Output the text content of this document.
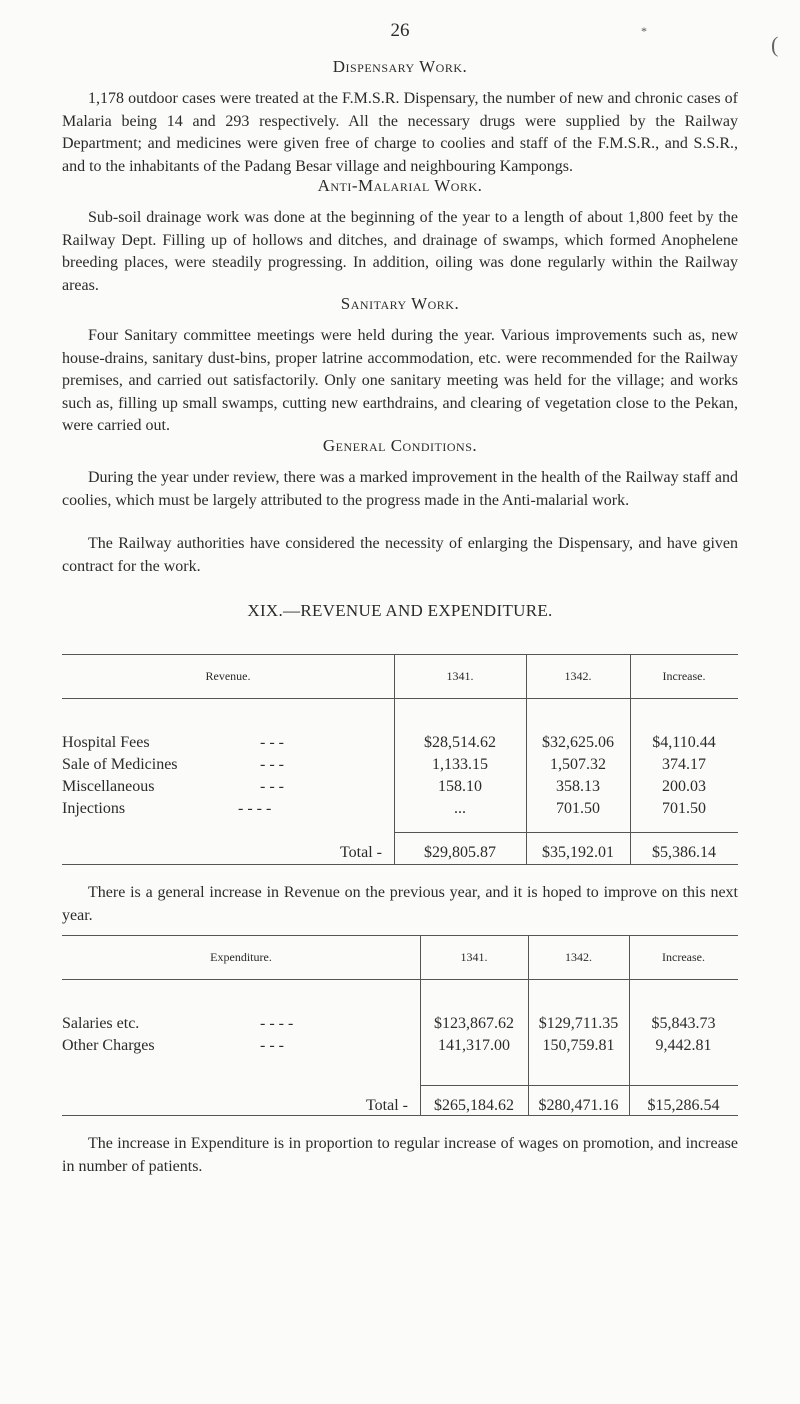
26	*
(
Dispensary Work.

1,178 outdoor cases were treated at the F.M.S.R. Dispensary, the number of new and chronic cases of Malaria being 14 and 293 respectively. All the necessary drugs were supplied by the Railway Department; and medicines were given free of charge to coolies and staff of the F.M.S.R., and S.S.R., and to the inhabitants of the Padang Besar village and neighbouring Kampongs.

Anti-Malarial Work.

Sub-soil drainage work was done at the beginning of the year to a length of about 1,800 feet by the Railway Dept. Filling up of hollows and ditches, and drainage of swamps, which formed Anophelene breeding places, were steadily progressing. In addition, oiling was done regularly within the Railway areas.

Sanitary Work.

Four Sanitary committee meetings were held during the year. Various improvements such as, new house-drains, sanitary dust-bins, proper latrine accommodation, etc. were recommended for the Railway premises, and carried out satisfactorily. Only one sanitary meeting was held for the village; and works such as, filling up small swamps, cutting new earthdrains, and clearing of vegetation close to the Pekan, were carried out.

General Conditions.

During the year under review, there was a marked improvement in the health of the Railway staff and coolies, which must be largely attributed to the progress made in the Anti-malarial work.

The Railway authorities have considered the necessity of enlarging the Dispensary, and have given contract for the work.

XIX.—REVENUE AND EXPENDITURE.
Revenue.	1341.	1342.	Increase.
Hospital Fees	- - -	$28,514.62	$32,625.06	$4,110.44
Sale of Medicines	- - -	1,133.15	1,507.32	374.17
Miscellaneous	- - -	158.10	358.13	200.03
Injections	- - - -	...	701.50	701.50
Total -	$29,805.87	$35,192.01	$5,386.14

There is a general increase in Revenue on the previous year, and it is hoped to improve on this next year.

Expenditure.	1341.	1342.	Increase.
Salaries etc.	- - - -	$123,867.62	$129,711.35	$5,843.73
Other Charges	- - -	141,317.00	150,759.81	9,442.81
Total -	$265,184.62	$280,471.16	$15,286.54

The increase in Expenditure is in proportion to regular increase of wages on promotion, and increase in number of patients.
